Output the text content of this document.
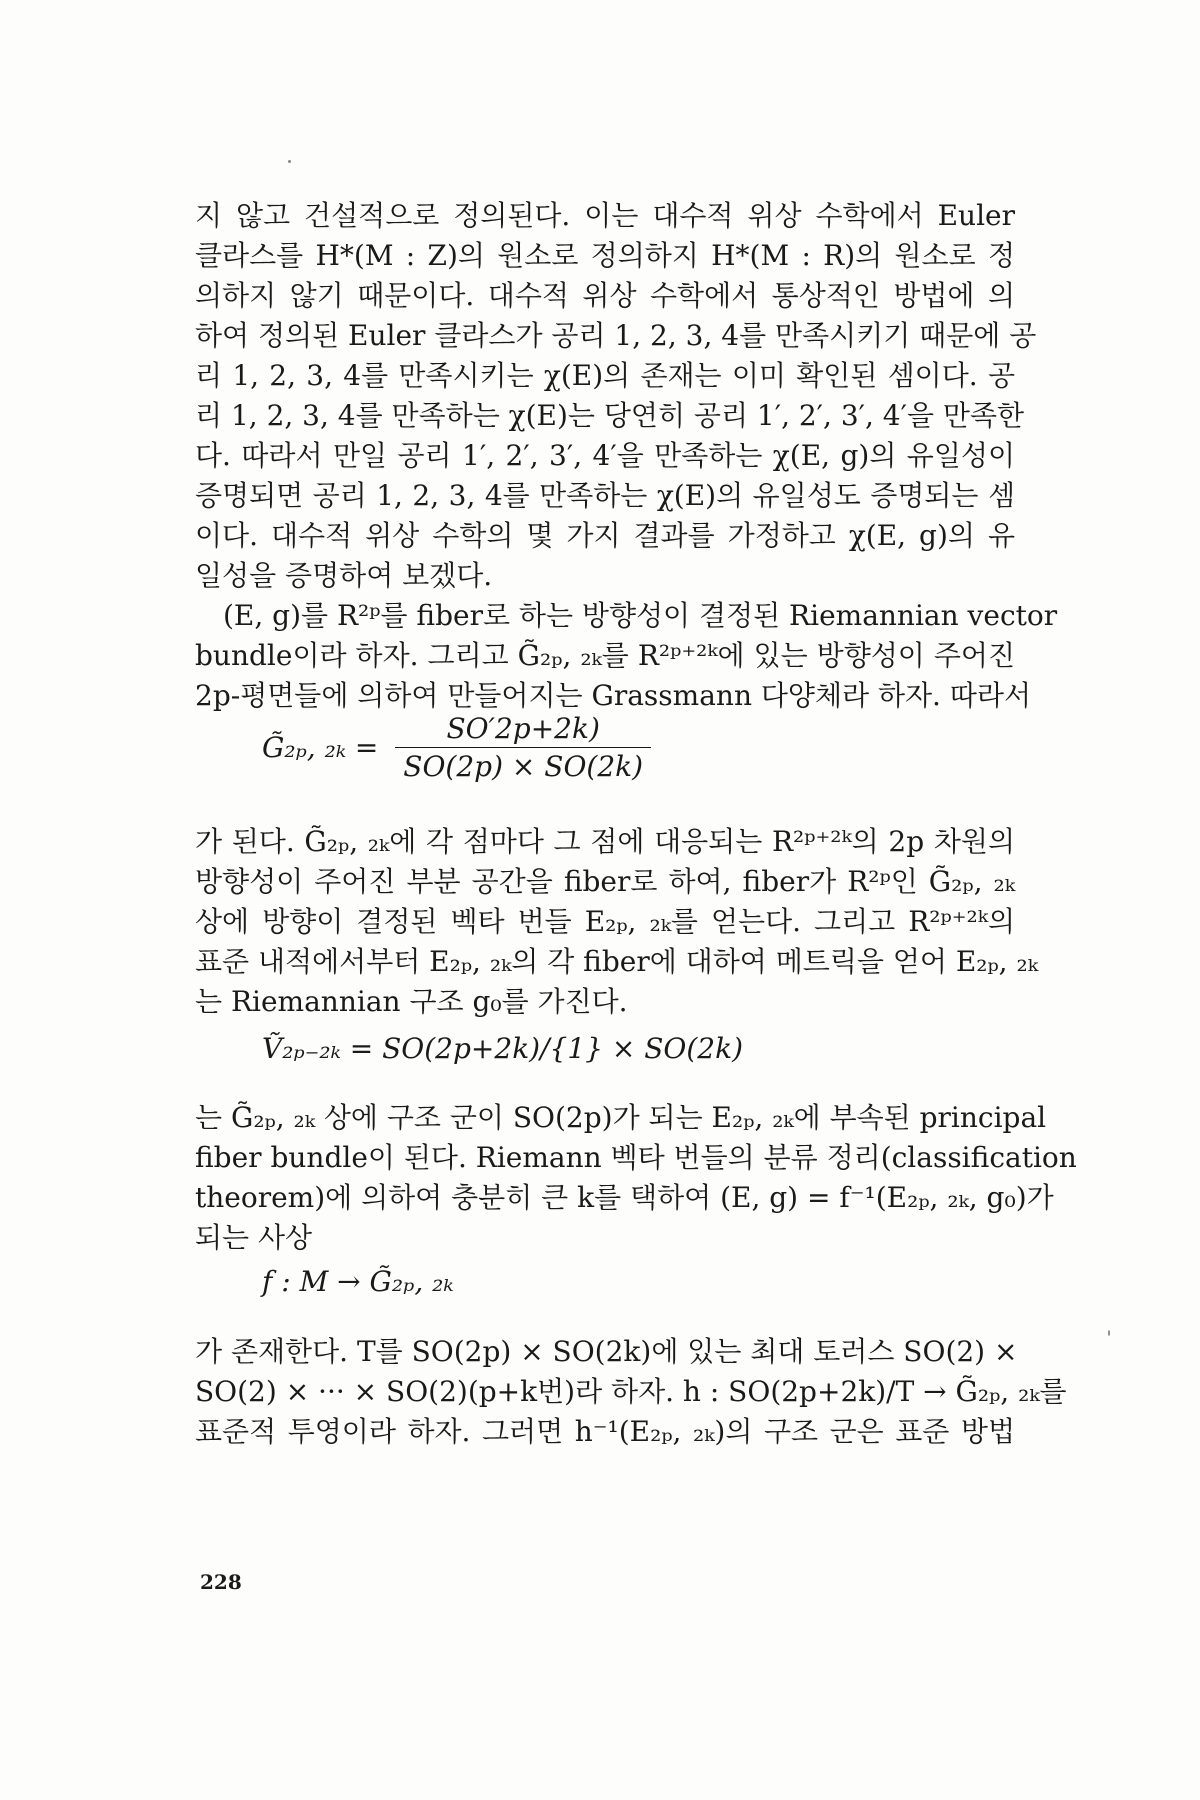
지 않고 건설적으로 정의된다. 이는 대수적 위상 수학에서 Euler
클라스를 H*(M : Z)의 원소로 정의하지 H*(M : R)의 원소로 정
의하지 않기 때문이다. 대수적 위상 수학에서 통상적인 방법에 의
하여 정의된 Euler 클라스가 공리 1, 2, 3, 4를 만족시키기 때문에 공
리 1, 2, 3, 4를 만족시키는 χ(E)의 존재는 이미 확인된 셈이다. 공
리 1, 2, 3, 4를 만족하는 χ(E)는 당연히 공리 1′, 2′, 3′, 4′을 만족한
다. 따라서 만일 공리 1′, 2′, 3′, 4′을 만족하는 χ(E, g)의 유일성이
증명되면 공리 1, 2, 3, 4를 만족하는 χ(E)의 유일성도 증명되는 셈
이다. 대수적 위상 수학의 몇 가지 결과를 가정하고 χ(E, g)의 유
일성을 증명하여 보겠다.
(E, g)를 R²ᵖ를 fiber로 하는 방향성이 결정된 Riemannian vector
bundle이라 하자. 그리고 G̃₂ₚ, ₂ₖ를 R²ᵖ⁺²ᵏ에 있는 방향성이 주어진
2p-평면들에 의하여 만들어지는 Grassmann 다양체라 하자. 따라서
G̃₂ₚ, $_{2k} = \frac{SO'2p+2k)}{SO(2p) \times SO(2k)}$
가 된다. G̃₂ₚ, ₂ₖ에 각 점마다 그 점에 대응되는 R²ᵖ⁺²ᵏ의 2p 차원의
방향성이 주어진 부분 공간을 fiber로 하여, fiber가 R²ᵖ인 G̃₂ₚ, ₂ₖ
상에 방향이 결정된 벡타 번들 E₂ₚ, ₂ₖ를 얻는다. 그리고 R²ᵖ⁺²ᵏ의
표준 내적에서부터 E₂ₚ, ₂ₖ의 각 fiber에 대하여 메트릭을 얻어 E₂ₚ, ₂ₖ
는 Riemannian 구조 g₀를 가진다.
Ṽ₂ₚ₋₂ₖ = SO(2p+2k)/{1} × SO(2k)
는 G̃₂ₚ, ₂ₖ 상에 구조 군이 SO(2p)가 되는 E₂ₚ, ₂ₖ에 부속된 principal
fiber bundle이 된다. Riemann 벡타 번들의 분류 정리(classification
theorem)에 의하여 충분히 큰 k를 택하여 (E, g) = f⁻¹(E₂ₚ, ₂ₖ, g₀)가
되는 사상
f : M → G̃₂ₚ, ₂ₖ
가 존재한다. T를 SO(2p) × SO(2k)에 있는 최대 토러스 SO(2) ×
SO(2) × ··· × SO(2)(p+k번)라 하자. h : SO(2p+2k)/T → G̃₂ₚ, ₂ₖ를
표준적 투영이라 하자. 그러면 h⁻¹(E₂ₚ, ₂ₖ)의 구조 군은 표준 방법
228
